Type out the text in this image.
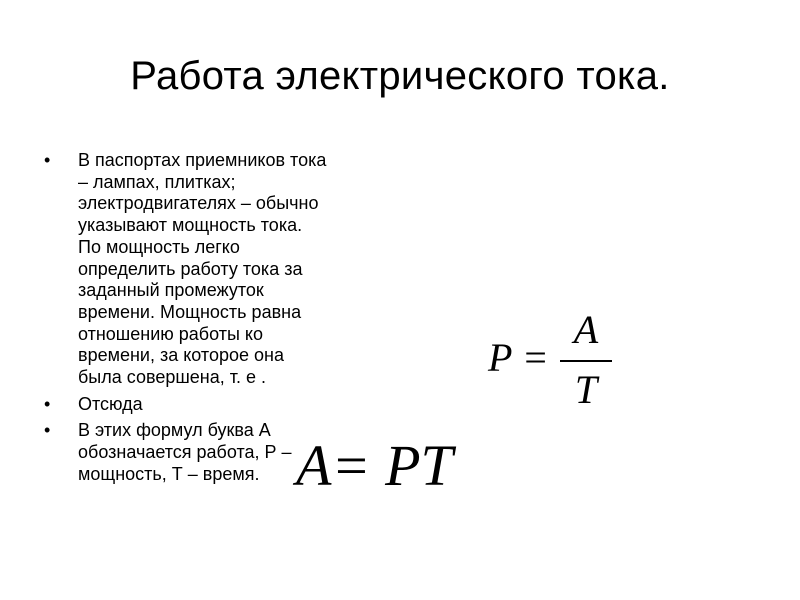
Работа электрического тока.
• В паспортах приемников тока
– лампах, плитках;
электродвигателях – обычно
указывают мощность тока.
По мощность легко
определить работу тока за
заданный промежуток
времени. Мощность равна
отношению работы ко
времени, за которое она
была совершена, т. е .
• Отсюда
• В этих формул буква А
обозначается работа, Р –
мощность, Т – время.
P =
A
T
A= PT
